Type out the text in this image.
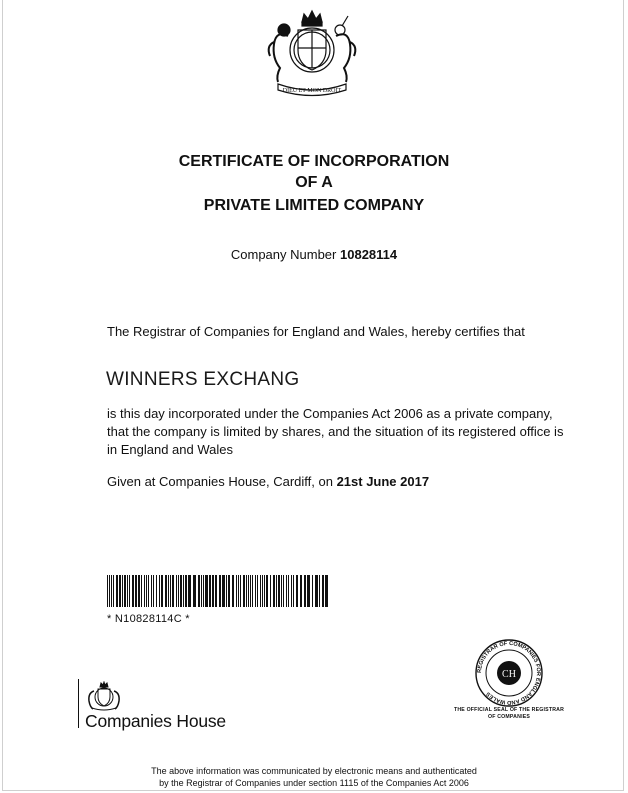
DIEU ET MON DROIT
CERTIFICATE OF INCORPORATION
OF A
PRIVATE LIMITED COMPANY
Company Number 10828114
The Registrar of Companies for England and Wales, hereby certifies that
WINNERS EXCHANG
is this day incorporated under the Companies Act 2006 as a private company, that the company is limited by shares, and the situation of its registered office is in England and Wales
Given at Companies House, Cardiff, on 21st June 2017
* N10828114C *
Companies House
REGISTRAR OF COMPANIES FOR ENGLAND AND WALES
CH
THE OFFICIAL SEAL OF THE REGISTRAR OF COMPANIES
The above information was communicated by electronic means and authenticated
by the Registrar of Companies under section 1115 of the Companies Act 2006
